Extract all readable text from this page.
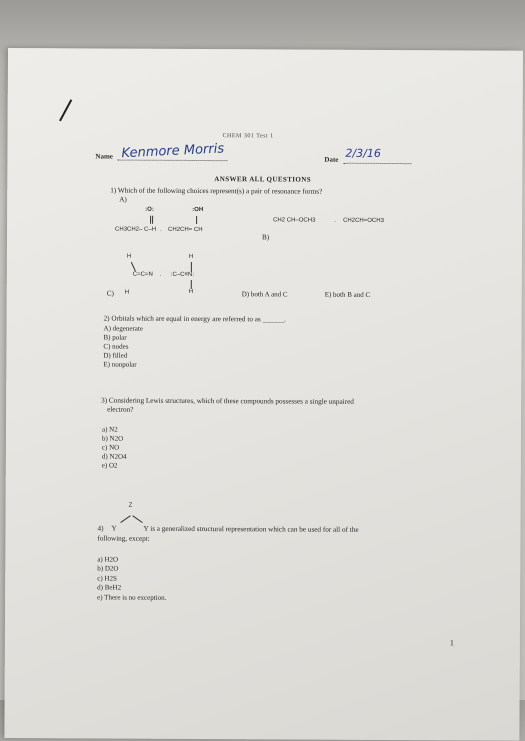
CHEM 301 Test 1
Name Kenmore Morris	Date 2/3/16
ANSWER ALL QUESTIONS
1) Which of the following choices represent(s) a pair of resonance forms?
A)
:O:
CH3CH2– C–H .
:OH
CH2CH= CH
CH2 CH–OCH3	. CH2CH=OCH3
B)
H
C=C=N .
H
:C–C≡N:
H
C) H	D) both A and C	E) both B and C
2) Orbitals which are equal in energy are referred to as ______.
A) degenerate
B) polar
C) nodes
D) filled
E) nonpolar
3) Considering Lewis structures, which of these compounds possesses a single unpaired
electron?
a) N2
b) N2O
c) NO
d) N2O4
e) O2
Z
4) Y	Y is a generalized structural representation which can be used for all of the
following, except:
a) H2O
b) D2O
c) H2S
d) BeH2
e) There is no exception.
1
